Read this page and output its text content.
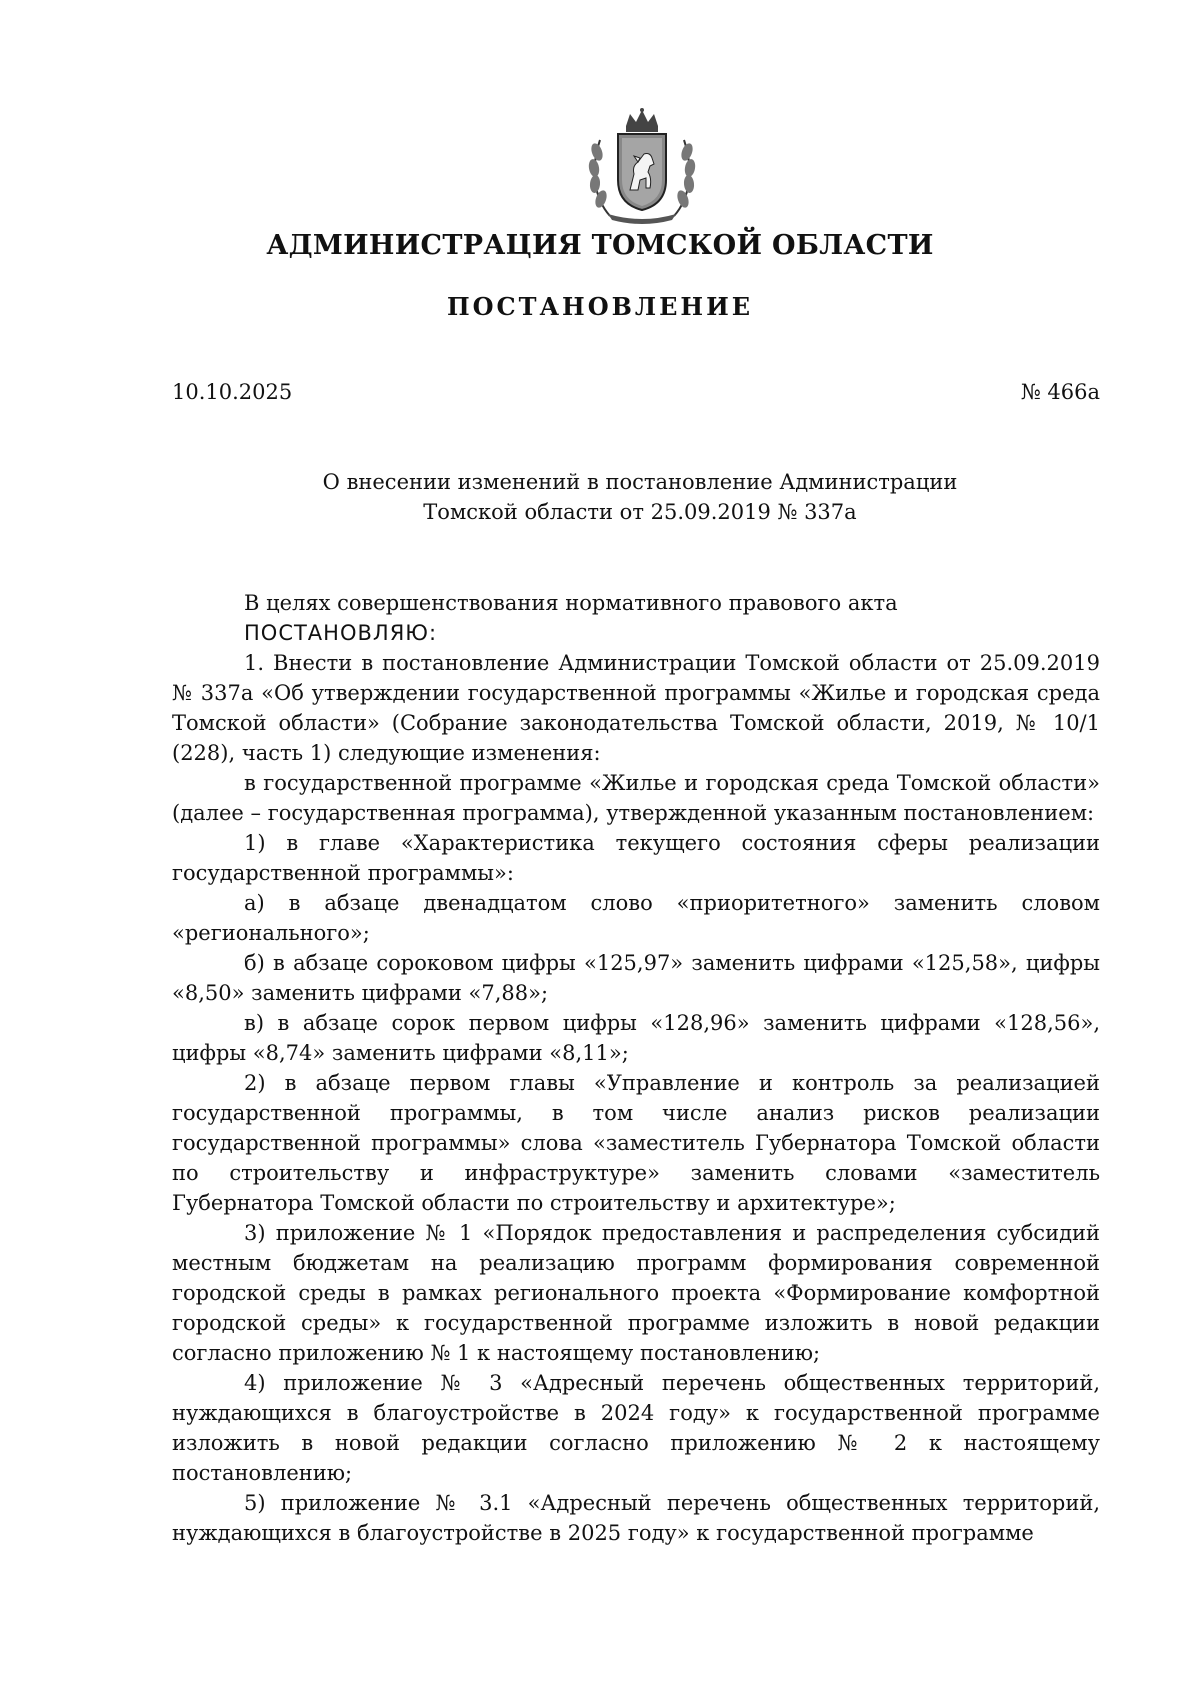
АДМИНИСТРАЦИЯ ТОМСКОЙ ОБЛАСТИ
ПОСТАНОВЛЕНИЕ
10.10.2025	№ 466а
О внесении изменений в постановление Администрации
Томской области от 25.09.2019 № 337а

В целях совершенствования нормативного правового акта

ПОСТАНОВЛЯЮ:

1. Внести в постановление Администрации Томской области от 25.09.2019 № 337а «Об утверждении государственной программы «Жилье и городская среда Томской области» (Собрание законодательства Томской области, 2019, № 10/1 (228), часть 1) следующие изменения:

в государственной программе «Жилье и городская среда Томской области» (далее – государственная программа), утвержденной указанным постановлением:

1) в главе «Характеристика текущего состояния сферы реализации государственной программы»:

а) в абзаце двенадцатом слово «приоритетного» заменить словом «регионального»;

б) в абзаце сороковом цифры «125,97» заменить цифрами «125,58», цифры «8,50» заменить цифрами «7,88»;

в) в абзаце сорок первом цифры «128,96» заменить цифрами «128,56», цифры «8,74» заменить цифрами «8,11»;

2) в абзаце первом главы «Управление и контроль за реализацией государственной программы, в том числе анализ рисков реализации государственной программы» слова «заместитель Губернатора Томской области по строительству и инфраструктуре» заменить словами «заместитель Губернатора Томской области по строительству и архитектуре»;

3) приложение № 1 «Порядок предоставления и распределения субсидий местным бюджетам на реализацию программ формирования современной городской среды в рамках регионального проекта «Формирование комфортной городской среды» к государственной программе изложить в новой редакции согласно приложению № 1 к настоящему постановлению;

4) приложение № 3 «Адресный перечень общественных территорий, нуждающихся в благоустройстве в 2024 году» к государственной программе изложить в новой редакции согласно приложению № 2 к настоящему постановлению;

5) приложение № 3.1 «Адресный перечень общественных территорий, нуждающихся в благоустройстве в 2025 году» к государственной программе
